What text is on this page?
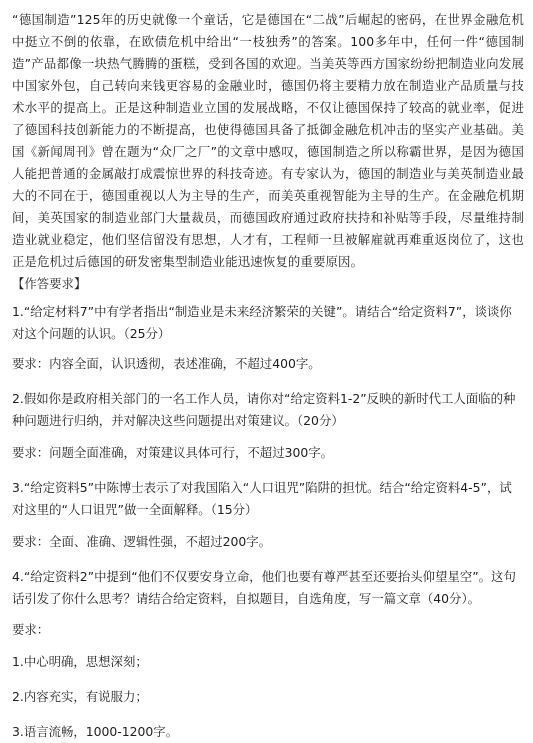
“德国制造”125年的历史就像一个童话，它是德国在“二战”后崛起的密码，在世界金融危机中挺立不倒的依靠，在欧债危机中给出“一枝独秀”的答案。100多年中，任何一件“德国制造”产品都像一块热气腾腾的蛋糕，受到各国的欢迎。当美英等西方国家纷纷把制造业向发展中国家外包，自己转向来钱更容易的金融业时，德国仍将主要精力放在制造业产品质量与技术水平的提高上。正是这种制造业立国的发展战略，不仅让德国保持了较高的就业率，促进了德国科技创新能力的不断提高，也使得德国具备了抵御金融危机冲击的坚实产业基础。美国《新闻周刊》曾在题为“众厂之厂”的文章中感叹，德国制造之所以称霸世界，是因为德国人能把普通的金属敲打成震惊世界的科技奇迹。有专家认为，德国的制造业与美英制造业最大的不同在于，德国重视以人为主导的生产，而美英重视智能为主导的生产。在金融危机期间，美英国家的制造业部门大量裁员，而德国政府通过政府扶持和补贴等手段，尽量维持制造业就业稳定，他们坚信留没有思想，人才有，工程师一旦被解雇就再难重返岗位了，这也正是危机过后德国的研发密集型制造业能迅速恢复的重要原因。

【作答要求】

1.“给定材料7”中有学者指出“制造业是未来经济繁荣的关键”。请结合“给定资料7”，谈谈你对这个问题的认识。（25分）

要求：内容全面，认识透彻，表述准确，不超过400字。

2.假如你是政府相关部门的一名工作人员，请你对“给定资料1-2”反映的新时代工人面临的种种问题进行归纳，并对解决这些问题提出对策建议。（20分）

要求：问题全面准确，对策建议具体可行，不超过300字。

3.“给定资料5”中陈博士表示了对我国陷入“人口诅咒”陷阱的担忧。结合“给定资料4-5”，试对这里的“人口诅咒”做一全面解释。（15分）

要求：全面、准确、逻辑性强，不超过200字。

4.“给定资料2”中提到“他们不仅要安身立命，他们也要有尊严甚至还要抬头仰望星空”。这句话引发了你什么思考？请结合给定资料，自拟题目，自选角度，写一篇文章（40分）。

要求：

1.中心明确，思想深刻；

2.内容充实，有说服力；

3.语言流畅，1000-1200字。
